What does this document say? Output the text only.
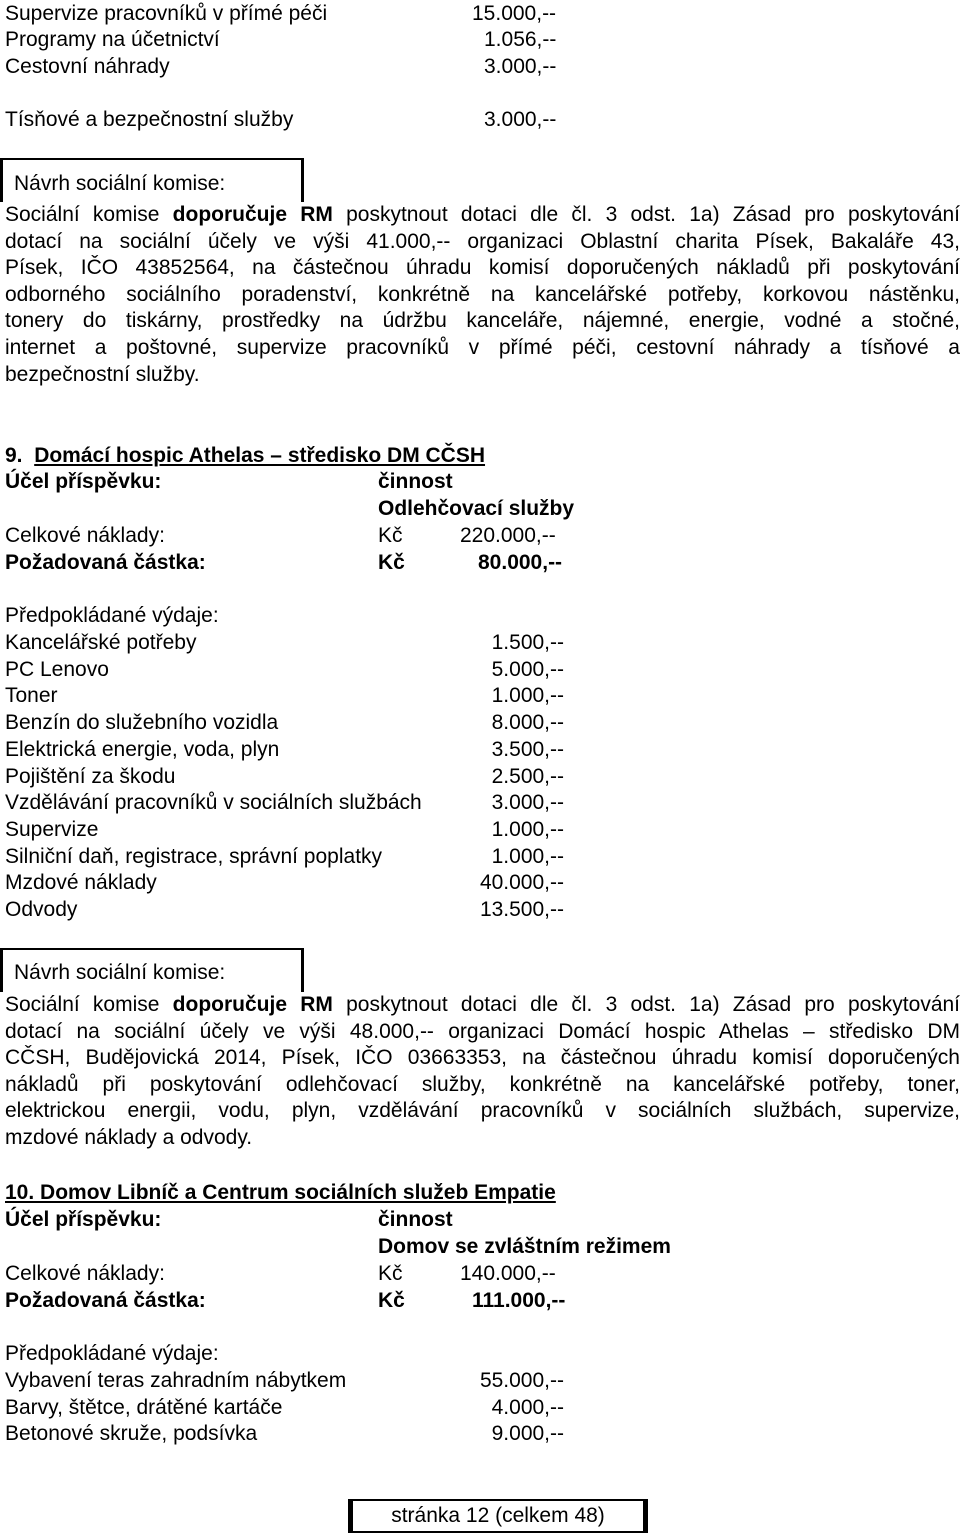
Supervize pracovníků v přímé péči	15.000,--
Programy na účetnictví	1.056,--
Cestovní náhrady	3.000,--
Tísňové a bezpečnostní služby	3.000,--
Návrh sociální komise:
Sociální komise doporučuje RM poskytnout dotaci dle čl. 3 odst. 1a) Zásad pro poskytování
dotací na sociální účely ve výši 41.000,-- organizaci Oblastní charita Písek, Bakaláře 43,
Písek, IČO 43852564, na částečnou úhradu komisí doporučených nákladů při poskytování
odborného sociálního poradenství, konkrétně na kancelářské potřeby, korkovou nástěnku,
tonery do tiskárny, prostředky na údržbu kanceláře, nájemné, energie, vodné a stočné,
internet a poštovné, supervize pracovníků v přímé péči, cestovní náhrady a tísňové a
bezpečnostní služby.
9. Domácí hospic Athelas – středisko DM CČSH
Účel příspěvku:	činnost
Odlehčovací služby
Celkové náklady:	Kč	220.000,--
Požadovaná částka:	Kč	80.000,--
Předpokládané výdaje:
Kancelářské potřeby	1.500,--
PC Lenovo	5.000,--
Toner	1.000,--
Benzín do služebního vozidla	8.000,--
Elektrická energie, voda, plyn	3.500,--
Pojištění za škodu	2.500,--
Vzdělávání pracovníků v sociálních službách	3.000,--
Supervize	1.000,--
Silniční daň, registrace, správní poplatky	1.000,--
Mzdové náklady	40.000,--
Odvody	13.500,--
Návrh sociální komise:
Sociální komise doporučuje RM poskytnout dotaci dle čl. 3 odst. 1a) Zásad pro poskytování
dotací na sociální účely ve výši 48.000,-- organizaci Domácí hospic Athelas – středisko DM
CČSH, Budějovická 2014, Písek, IČO 03663353, na částečnou úhradu komisí doporučených
nákladů při poskytování odlehčovací služby, konkrétně na kancelářské potřeby, toner,
elektrickou energii, vodu, plyn, vzdělávání pracovníků v sociálních službách, supervize,
mzdové náklady a odvody.
10. Domov Libníč a Centrum sociálních služeb Empatie
Účel příspěvku:	činnost
Domov se zvláštním režimem
Celkové náklady:	Kč	140.000,--
Požadovaná částka:	Kč	111.000,--
Předpokládané výdaje:
Vybavení teras zahradním nábytkem	55.000,--
Barvy, štětce, drátěné kartáče	4.000,--
Betonové skruže, podsívka	9.000,--
stránka 12 (celkem 48)
